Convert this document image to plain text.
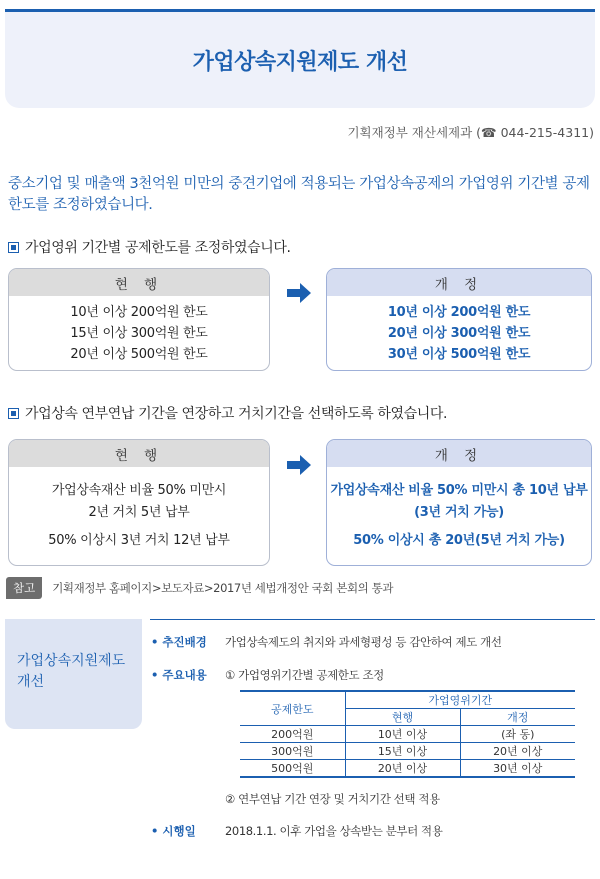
가업상속지원제도 개선
기획재정부 재산세제과 (☎ 044-215-4311)

중소기업 및 매출액 3천억원 미만의 중견기업에 적용되는 가업상속공제의 가업영위 기간별 공제한도를 조정하였습니다.

가업영위 기간별 공제한도를 조정하였습니다.
현 행
10년 이상 200억원 한도
15년 이상 300억원 한도
20년 이상 500억원 한도
개 정
10년 이상 200억원 한도
20년 이상 300억원 한도
30년 이상 500억원 한도
가업상속 연부연납 기간을 연장하고 거치기간을 선택하도록 하였습니다.
현 행
가업상속재산 비율 50% 미만시
2년 거치 5년 납부
50% 이상시 3년 거치 12년 납부
개 정
가업상속재산 비율 50% 미만시 총 10년 납부
(3년 거치 가능)
50% 이상시 총 20년(5년 거치 가능)
참고	기획재정부 홈페이지>보도자료>2017년 세법개정안 국회 본회의 통과
가업상속지원제도
개선
• 추진배경 가업상속제도의 취지와 과세형평성 등 감안하여 제도 개선
• 주요내용 ① 가업영위기간별 공제한도 조정
공제한도	가업영위기간	
	현행	개정
200억원	10년 이상	(좌 동)
300억원	15년 이상	20년 이상
500억원	20년 이상	30년 이상
② 연부연납 기간 연장 및 거치기간 선택 적용
• 시행일	2018.1.1. 이후 가업을 상속받는 분부터 적용
